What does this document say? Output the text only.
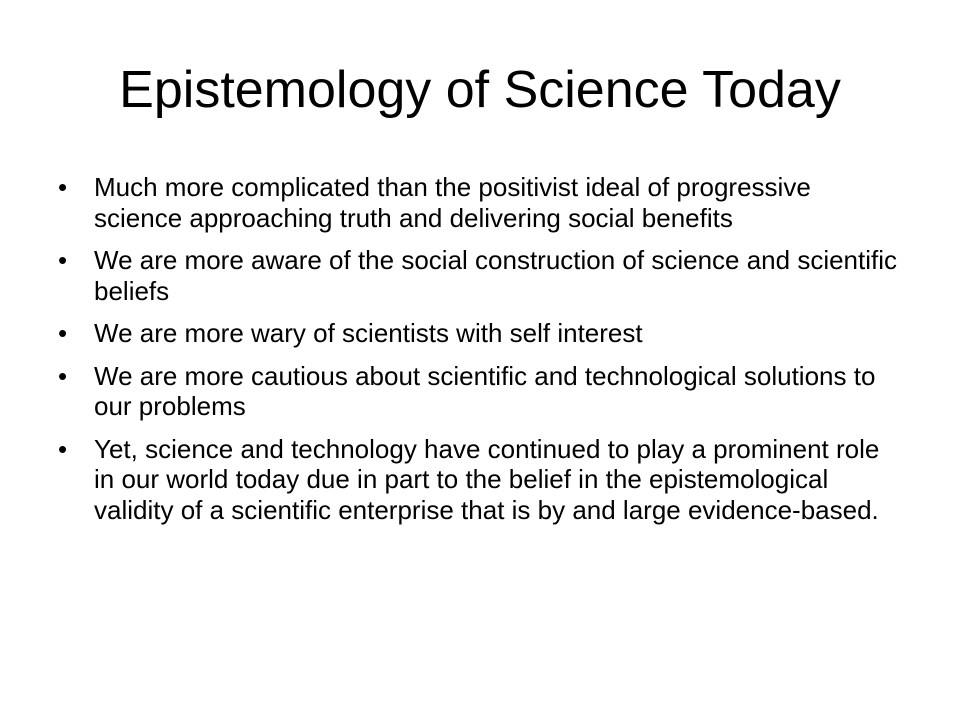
Epistemology of Science Today
•	Much more complicated than the positivist ideal of progressive science approaching truth and delivering social benefits
•	We are more aware of the social construction of science and scientific beliefs
•	We are more wary of scientists with self interest
•	We are more cautious about scientific and technological solutions to our problems
•	Yet, science and technology have continued to play a prominent role in our world today due in part to the belief in the epistemological validity of a scientific enterprise that is by and large evidence-based.
